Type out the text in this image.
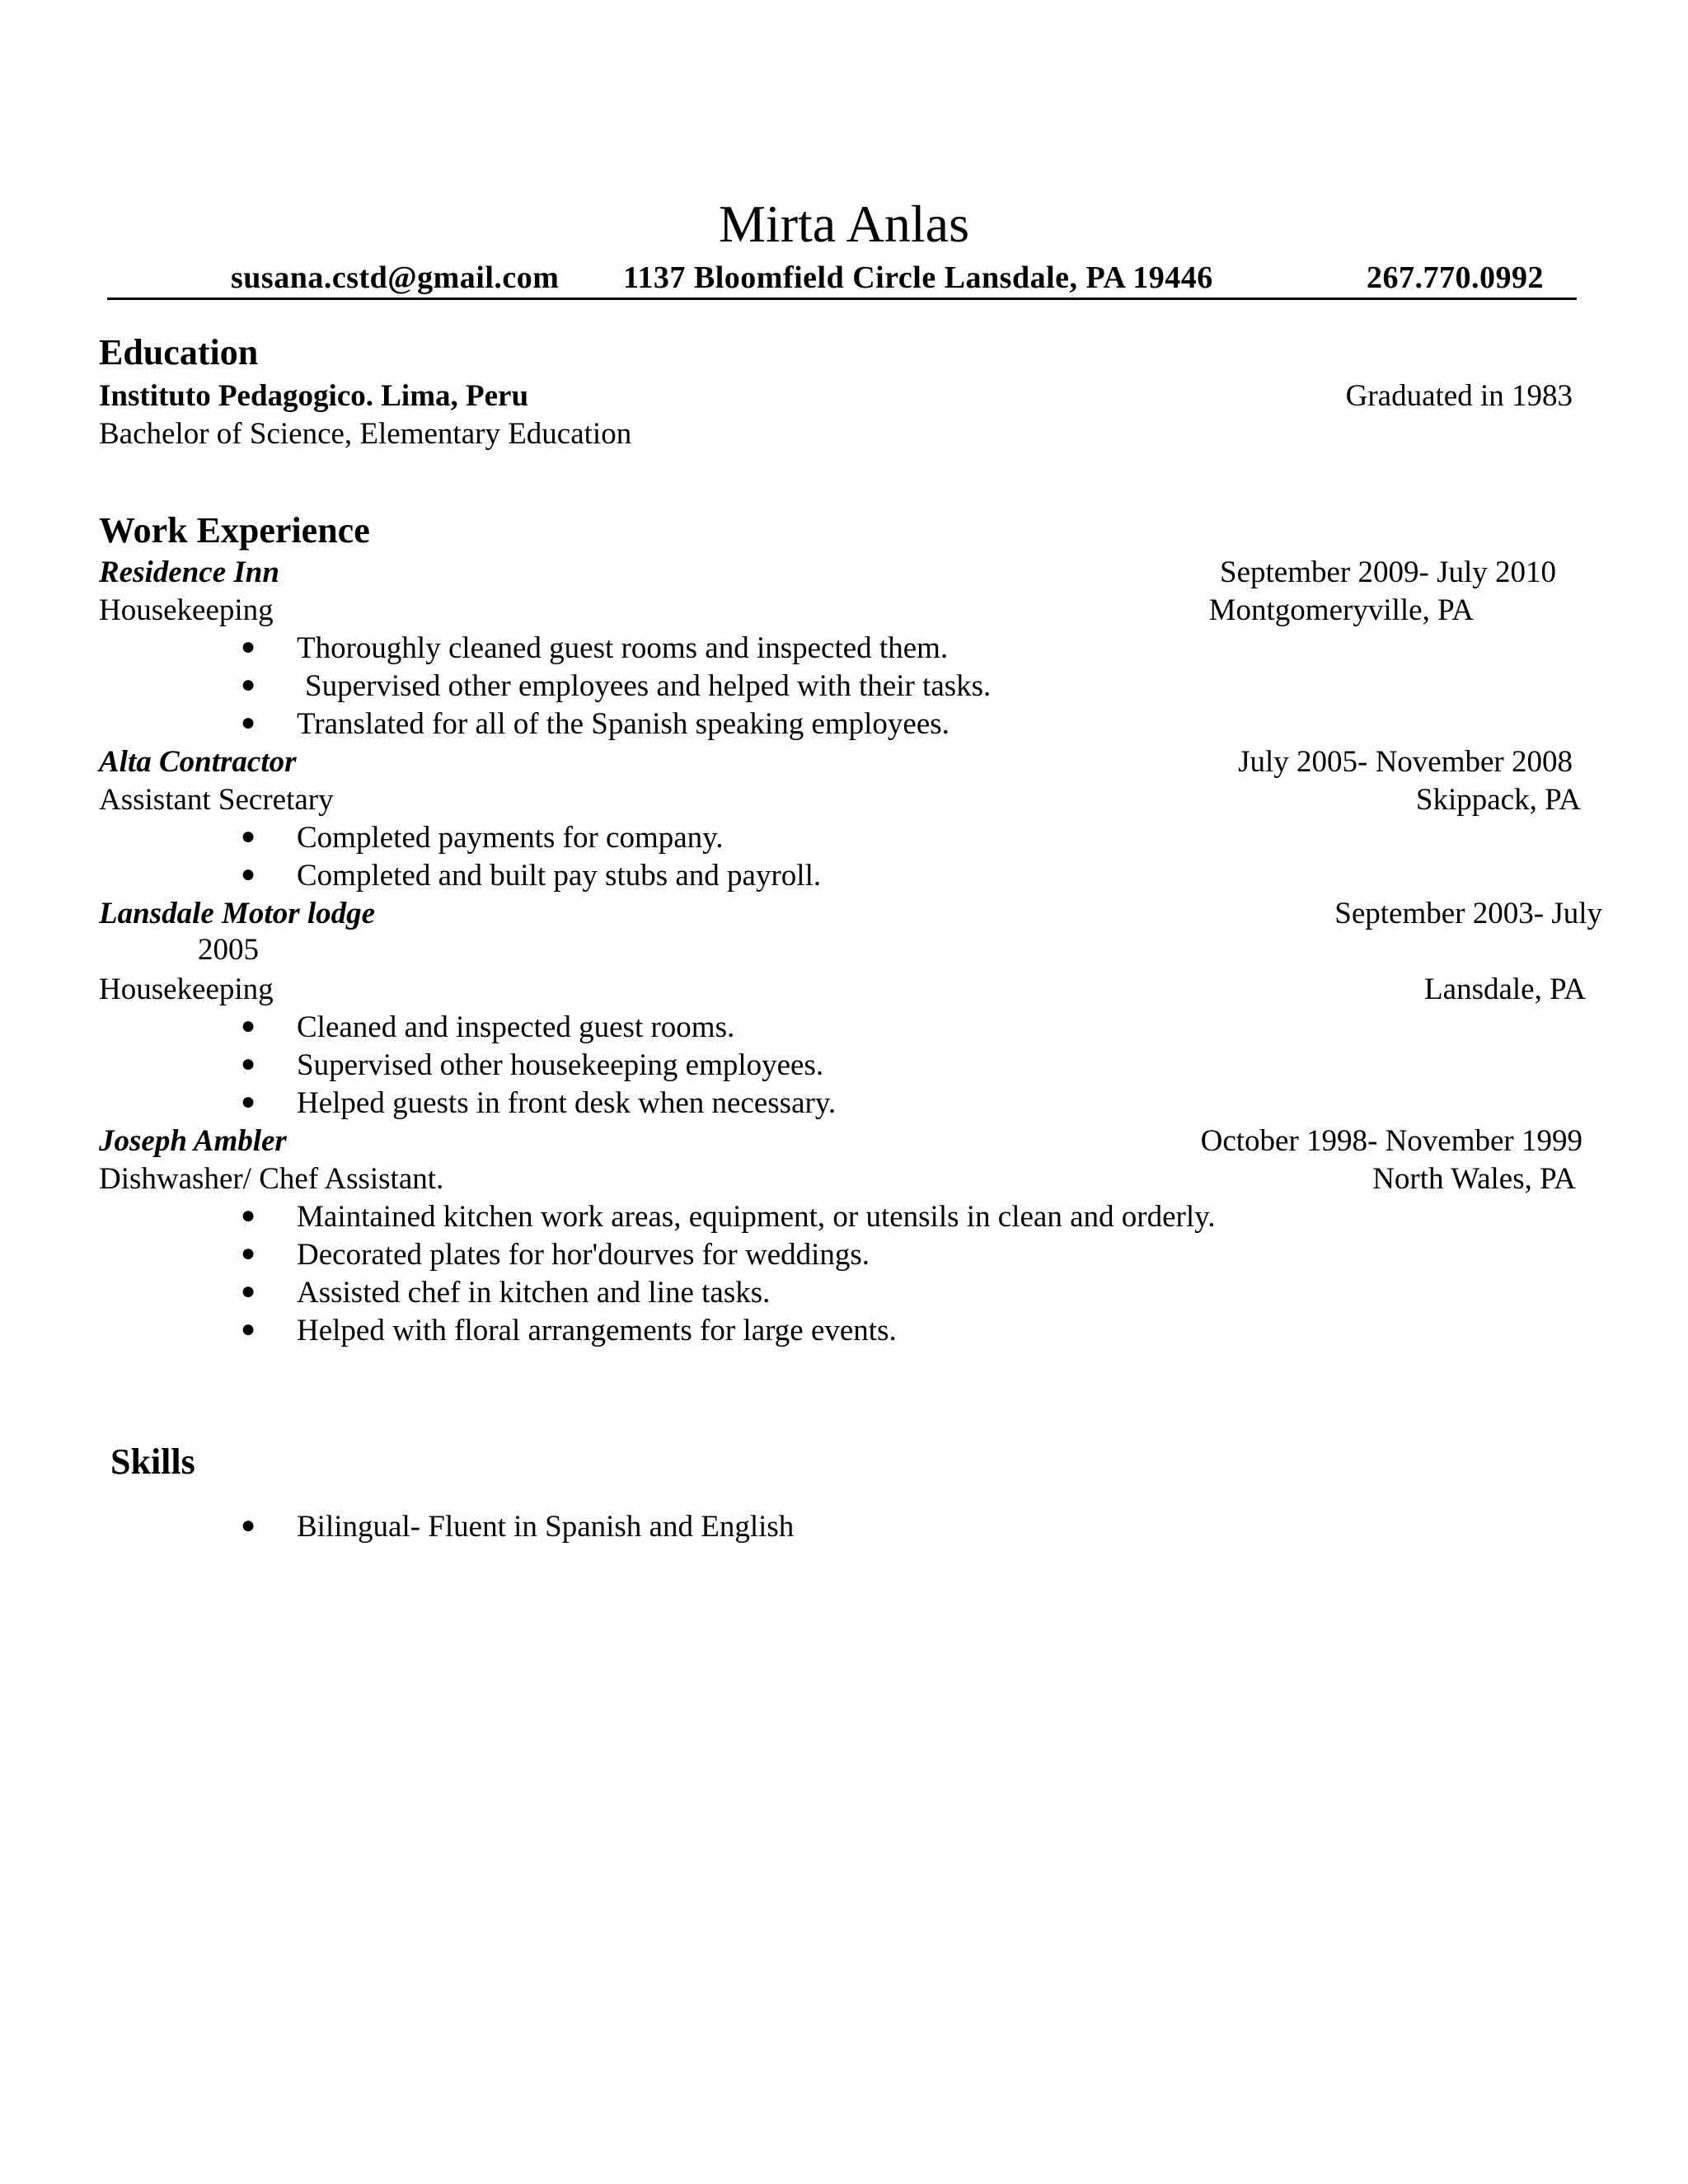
Mirta Anlas
susana.cstd@gmail.com 1137 Bloomfield Circle Lansdale, PA 19446	267.770.0992
Education
Instituto Pedagogico. Lima, Peru	Graduated in 1983
Bachelor of Science, Elementary Education
Work Experience
Residence Inn	September 2009- July 2010
Housekeeping	Montgomeryville, PA
● Thoroughly cleaned guest rooms and inspected them.
● Supervised other employees and helped with their tasks.
● Translated for all of the Spanish speaking employees.
Alta Contractor	July 2005- November 2008
Assistant Secretary	Skippack, PA
● Completed payments for company.
● Completed and built pay stubs and payroll.
Lansdale Motor lodge	September 2003- July
2005
Housekeeping	Lansdale, PA
● Cleaned and inspected guest rooms.
● Supervised other housekeeping employees.
● Helped guests in front desk when necessary.
Joseph Ambler	October 1998- November 1999
Dishwasher/ Chef Assistant.	North Wales, PA
● Maintained kitchen work areas, equipment, or utensils in clean and orderly.
● Decorated plates for hor'dourves for weddings.
● Assisted chef in kitchen and line tasks.
● Helped with floral arrangements for large events.
Skills
● Bilingual- Fluent in Spanish and English
